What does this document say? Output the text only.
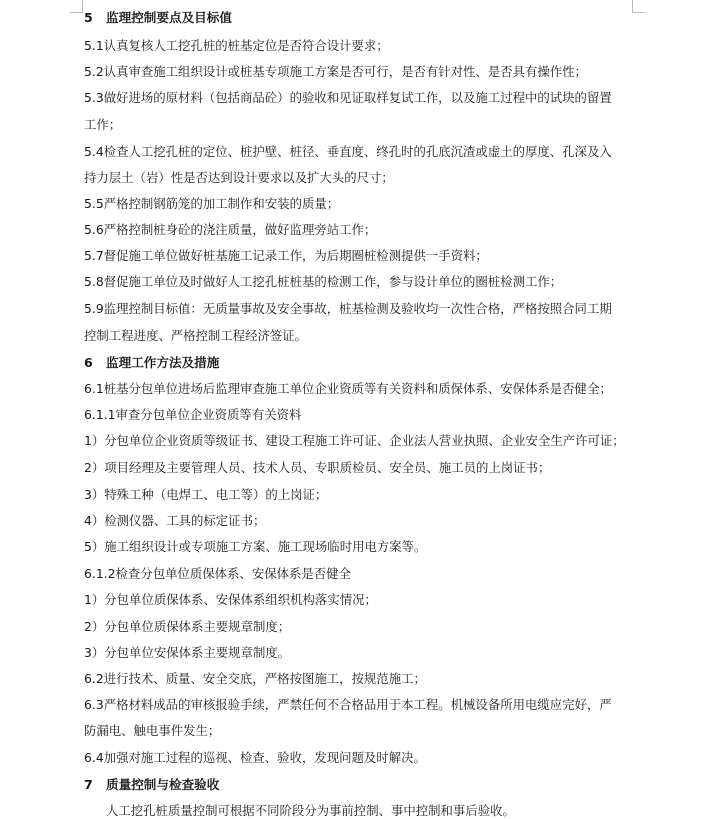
5 监理控制要点及目标值
5.1认真复核人工挖孔桩的桩基定位是否符合设计要求；
5.2认真审查施工组织设计或桩基专项施工方案是否可行，是否有针对性、是否具有操作性；
5.3做好进场的原材料（包括商品砼）的验收和见证取样复试工作，以及施工过程中的试块的留置
工作；
5.4检查人工挖孔桩的定位、桩护壁、桩径、垂直度、终孔时的孔底沉渣或虚土的厚度、孔深及入
持力层土（岩）性是否达到设计要求以及扩大头的尺寸；
5.5严格控制钢筋笼的加工制作和安装的质量；
5.6严格控制桩身砼的浇注质量，做好监理旁站工作；
5.7督促施工单位做好桩基施工记录工作，为后期圈桩检测提供一手资料；
5.8督促施工单位及时做好人工挖孔桩桩基的检测工作，参与设计单位的圈桩检测工作；
5.9监理控制目标值：无质量事故及安全事故，桩基检测及验收均一次性合格，严格按照合同工期
控制工程进度、严格控制工程经济签证。
6 监理工作方法及措施
6.1桩基分包单位进场后监理审查施工单位企业资质等有关资料和质保体系、安保体系是否健全；
6.1.1审查分包单位企业资质等有关资料
1）分包单位企业资质等级证书、建设工程施工许可证、企业法人营业执照、企业安全生产许可证；
2）项目经理及主要管理人员、技术人员、专职质检员、安全员、施工员的上岗证书；
3）特殊工种（电焊工、电工等）的上岗证；
4）检测仪器、工具的标定证书；
5）施工组织设计或专项施工方案、施工现场临时用电方案等。
6.1.2检查分包单位质保体系、安保体系是否健全
1）分包单位质保体系、安保体系组织机构落实情况；
2）分包单位质保体系主要规章制度；
3）分包单位安保体系主要规章制度。
6.2进行技术、质量、安全交底，严格按图施工，按规范施工；
6.3严格材料成品的审核报验手续，严禁任何不合格品用于本工程。机械设备所用电缆应完好，严
防漏电、触电事件发生；
6.4加强对施工过程的巡视、检查、验收，发现问题及时解决。
7 质量控制与检查验收
人工挖孔桩质量控制可根据不同阶段分为事前控制、事中控制和事后验收。
